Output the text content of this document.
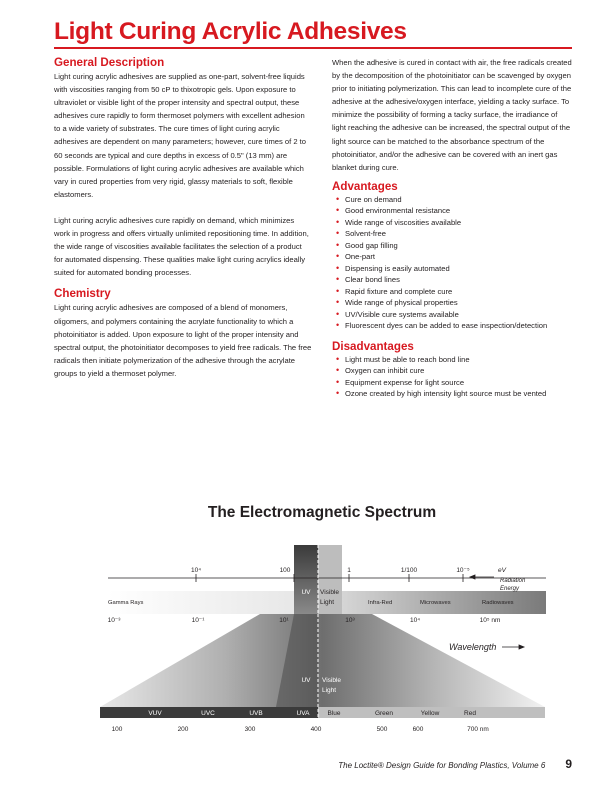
Light Curing Acrylic Adhesives
General Description

Light curing acrylic adhesives are supplied as one-part, solvent-free liquids with viscosities ranging from 50 cP to thixotropic gels. Upon exposure to ultraviolet or visible light of the proper intensity and spectral output, these adhesives cure rapidly to form thermoset polymers with excellent adhesion to a wide variety of substrates. The cure times of light curing acrylic adhesives are dependent on many parameters; however, cure times of 2 to 60 seconds are typical and cure depths in excess of 0.5" (13 mm) are possible. Formulations of light curing acrylic adhesives are available which vary in cured properties from very rigid, glassy materials to soft, flexible elastomers.

Light curing acrylic adhesives cure rapidly on demand, which minimizes work in progress and offers virtually unlimited repositioning time. In addition, the wide range of viscosities available facilitates the selection of a product for automated dispensing. These qualities make light curing acrylics ideally suited for automated bonding processes.

Chemistry

Light curing acrylic adhesives are composed of a blend of monomers, oligomers, and polymers containing the acrylate functionality to which a photoinitiator is added. Upon exposure to light of the proper intensity and spectral output, the photoinitiator decomposes to yield free radicals. The free radicals then initiate polymerization of the adhesive through the acrylate groups to yield a thermoset polymer.

When the adhesive is cured in contact with air, the free radicals created by the decomposition of the photoinitiator can be scavenged by oxygen prior to initiating polymerization. This can lead to incomplete cure of the adhesive at the adhesive/oxygen interface, yielding a tacky surface. To minimize the possibility of forming a tacky surface, the irradiance of light reaching the adhesive can be increased, the spectral output of the light source can be matched to the absorbance spectrum of the photoinitiator, and/or the adhesive can be covered with an inert gas blanket during cure.

Advantages
• Cure on demand
• Good environmental resistance
• Wide range of viscosities available
• Solvent-free
• Good gap filling
• One-part
• Dispensing is easily automated
• Clear bond lines
• Rapid fixture and complete cure
• Wide range of physical properties
• UV/Visible cure systems available
• Fluorescent dyes can be added to ease inspection/detection
Disadvantages
• Light must be able to reach bond line
• Oxygen can inhibit cure
• Equipment expense for light source
• Ozone created by high intensity light source must be vented
The Electromagnetic Spectrum
10⁴	100	1	1/100	10⁻⁵	eV
Radiation
Energy
Gamma Rays	Infra-Red	Microwaves	Radiowaves
UV Visible
Light
10⁻³	10⁻¹	10¹	10³	10⁴	10⁵ nm
Wavelength
UV Visible
Light
VUV	UVC	UVB	UVA	Blue	Green	Yellow	Red
100	200	300	400	500	600	700 nm
The Loctite® Design Guide for Bonding Plastics, Volume 6 9
